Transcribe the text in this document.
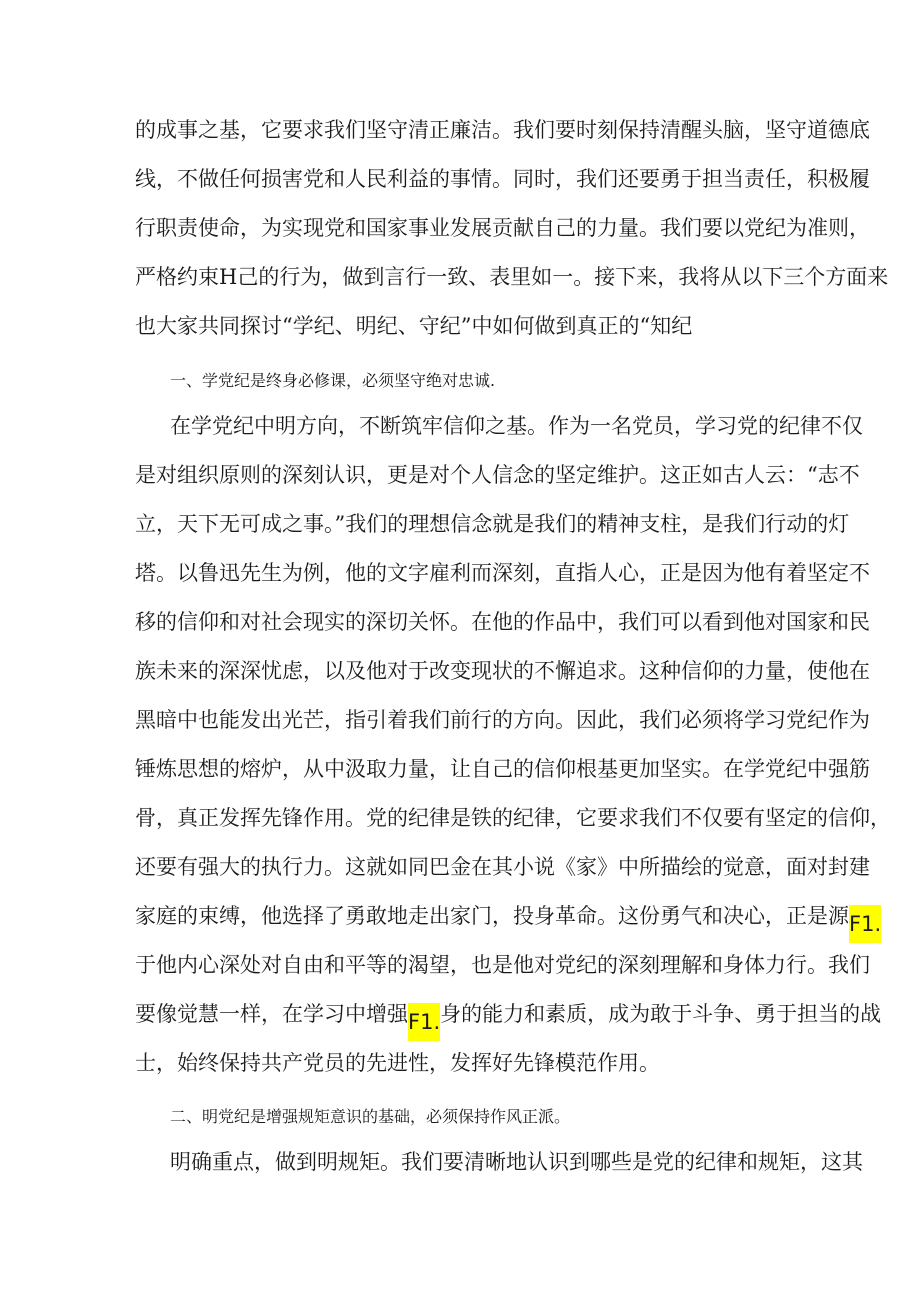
的成事之基，它要求我们坚守清正廉洁。我们要时刻保持清醒头脑，坚守道德底
线，不做任何损害党和人民利益的事情。同时，我们还要勇于担当责任，积极履
行职责使命，为实现党和国家事业发展贡献自己的力量。我们要以党纪为准则，
严格约束H己的行为，做到言行一致、表里如一。接下来，我将从以下三个方面来
也大家共同探讨“学纪、明纪、守纪”中如何做到真正的“知纪
一、学党纪是终身必修课，必须坚守绝对忠诚.
在学党纪中明方向，不断筑牢信仰之基。作为一名党员，学习党的纪律不仅
是对组织原则的深刻认识，更是对个人信念的坚定维护。这正如古人云：“志不
立，天下无可成之事。”我们的理想信念就是我们的精神支柱，是我们行动的灯
塔。以鲁迅先生为例，他的文字雇利而深刻，直指人心，正是因为他有着坚定不
移的信仰和对社会现实的深切关怀。在他的作品中，我们可以看到他对国家和民
族未来的深深忧虑，以及他对于改变现状的不懈追求。这种信仰的力量，使他在
黑暗中也能发出光芒，指引着我们前行的方向。因此，我们必须将学习党纪作为
锤炼思想的熔炉，从中汲取力量，让自己的信仰根基更加坚实。在学党纪中强筋
骨，真正发挥先锋作用。党的纪律是铁的纪律，它要求我们不仅要有坚定的信仰，
还要有强大的执行力。这就如同巴金在其小说《家》中所描绘的觉意，面对封建
家庭的束缚，他选择了勇敢地走出家门，投身革命。这份勇气和决心，正是源F1.
于他内心深处对自由和平等的渴望，也是他对党纪的深刻理解和身体力行。我们
要像觉慧一样，在学习中增强F1.身的能力和素质，成为敢于斗争、勇于担当的战
士，始终保持共产党员的先进性，发挥好先锋模范作用。
二、明党纪是增强规矩意识的基础，必须保持作风正派。
明确重点，做到明规矩。我们要清晰地认识到哪些是党的纪律和规矩，这其
